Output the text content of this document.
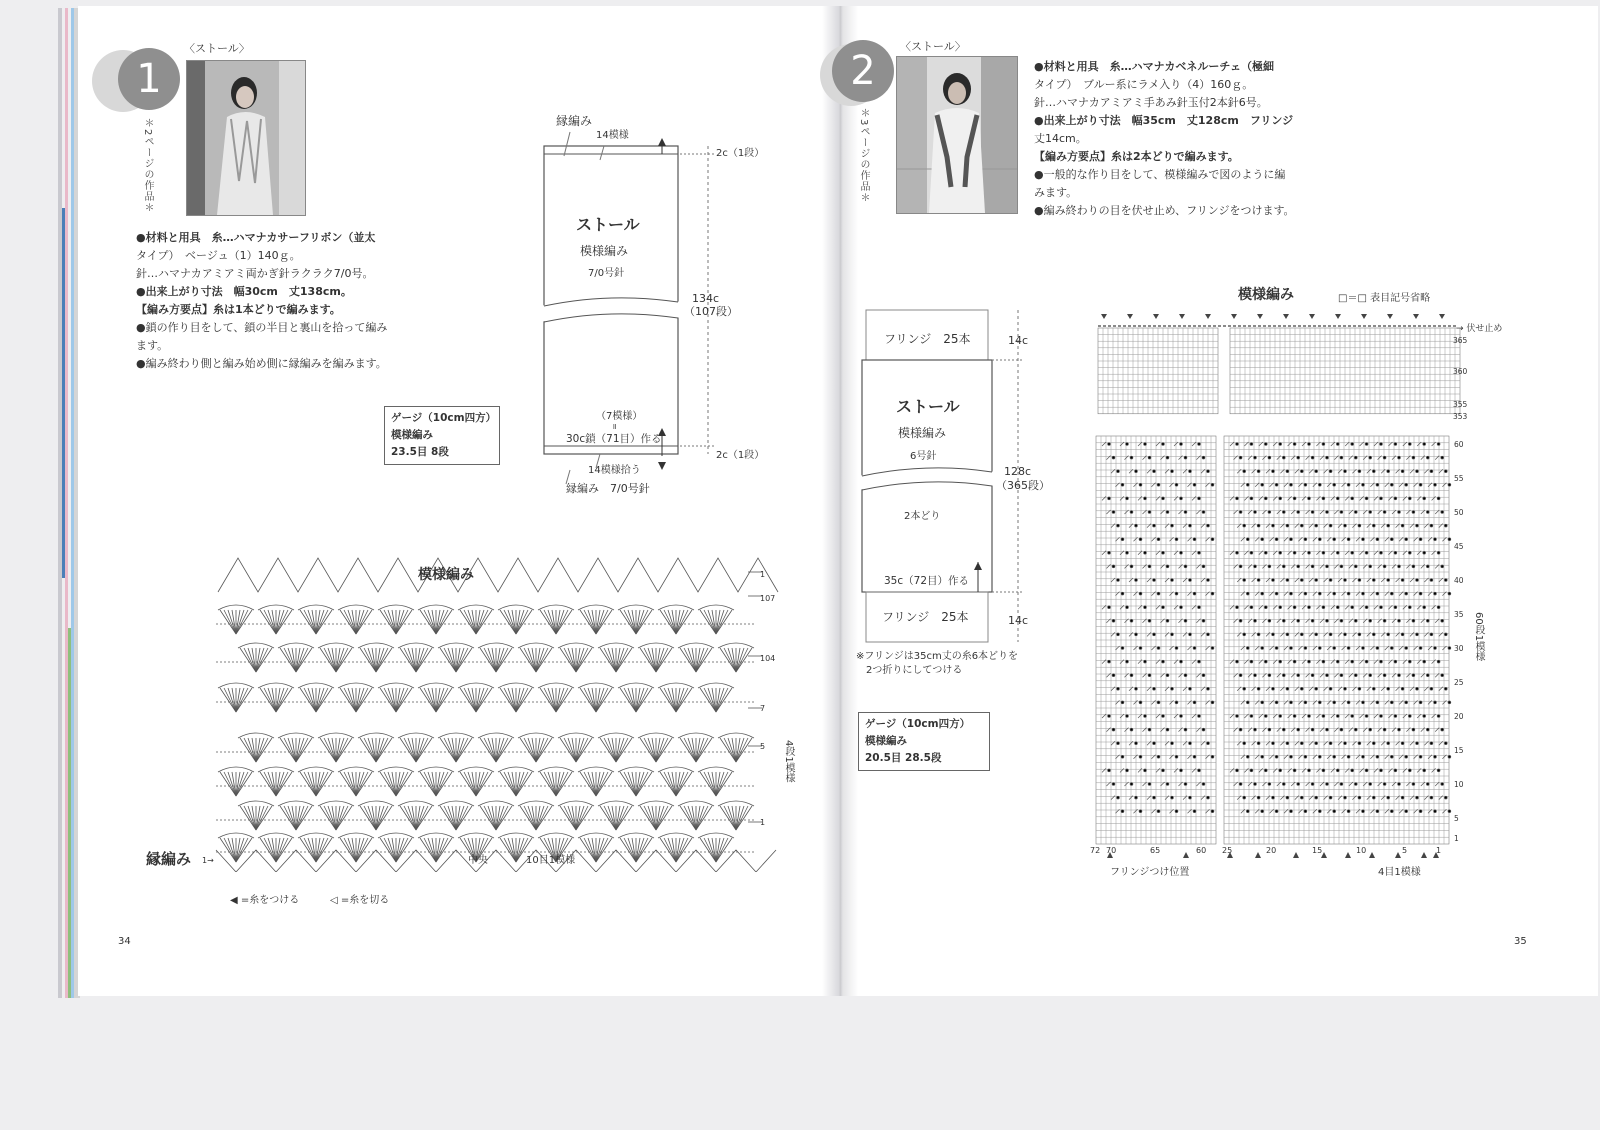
1
〈ストール〉
＊2ページの作品＊
●材料と用具　糸…ハマナカサーフリボン（並太
タイプ）　ベージュ（1）140ｇ。
針…ハマナカアミアミ両かぎ針ラクラク7/0号。
●出来上がり寸法　幅30cm　丈138cm。
【編み方要点】糸は1本どりで編みます。
●鎖の作り目をして、鎖の半目と裏山を拾って編み
ます。
●編み終わり側と編み始め側に縁編みを編みます。
ゲージ（10cm四方）
模様編み
23.5目 8段
縁編み
14模様
2c（1段）
ストール
模様編み
7/0号針
134c
（107段）
（7模様）
॥
30c鎖（71目）作る
2c（1段）
14模様拾う
縁編み　7/0号針
模様編み	1
107
104
7
5
1
4段1模様
縁編み 1→	中央	10目1模様
◀ =糸をつける	◁ =糸を切る
34
2
〈ストール〉
＊3ページの作品＊
●材料と用具　糸…ハマナカベネルーチェ（極細
タイプ）　ブルー系にラメ入り（4）160ｇ。
針…ハマナカアミアミ手あみ針玉付2本針6号。
●出来上がり寸法　幅35cm　丈128cm　フリンジ
丈14cm。
【編み方要点】糸は2本どりで編みます。
●一般的な作り目をして、模様編みで図のように編
みます。
●編み終わりの目を伏せ止め、フリンジをつけます。
フリンジ　25本	14c
ストール
模様編み
6号針
128c
（365段）
2本どり
35c（72目）作る
フリンジ　25本	14c
※フリンジは35cm丈の糸6本どりを
2つ折りにしてつける
ゲージ（10cm四方）
模様編み
20.5目 28.5段
模様編み	□＝□ 表目記号省略
→ 伏せ止め
365
360
355
353
60
55
50
45
40
35
30
25
20
15
10
5
1
60段1模様
72 70	65	60 25	20	15	10	5	1
フリンジつけ位置	4目1模様
35
